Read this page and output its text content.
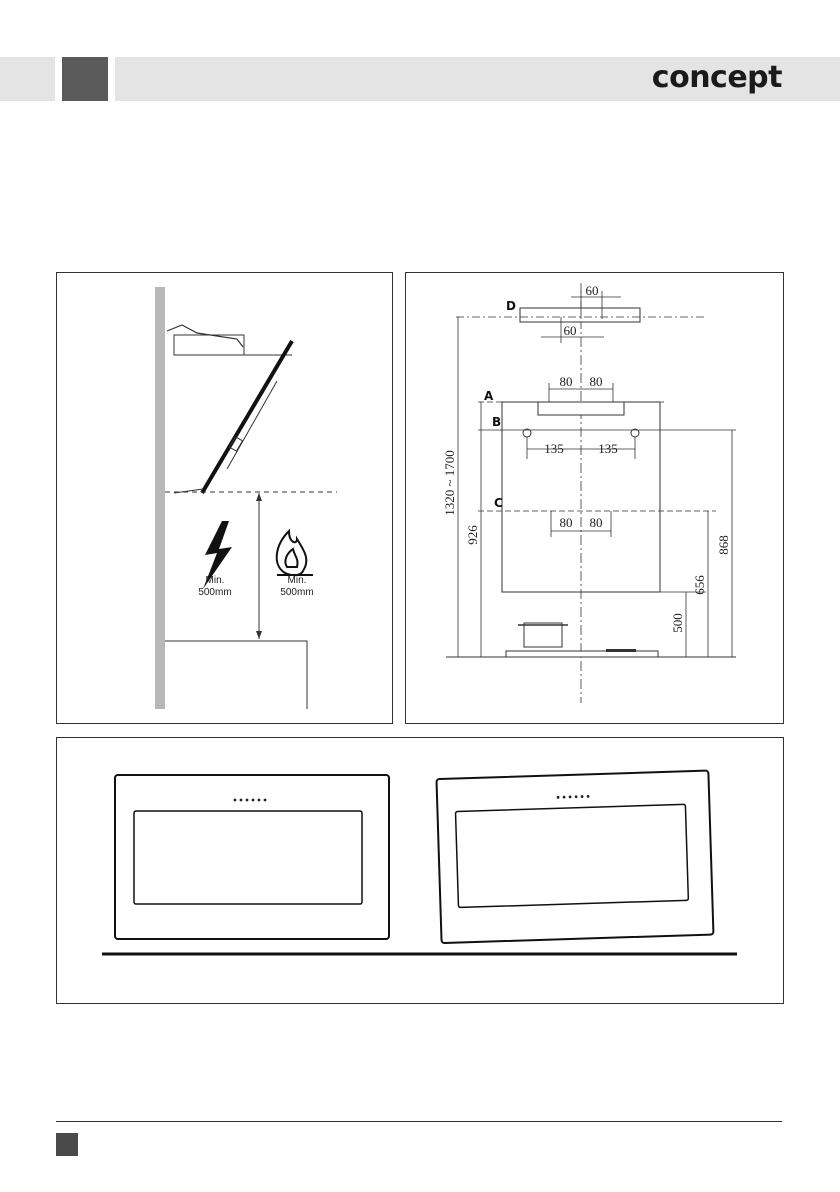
concept
Min.
500mm
Min.
500mm
D
60
60
80 80
A
B
135	135
C
80 80
1320 ~ 1700
926
868
656
500
